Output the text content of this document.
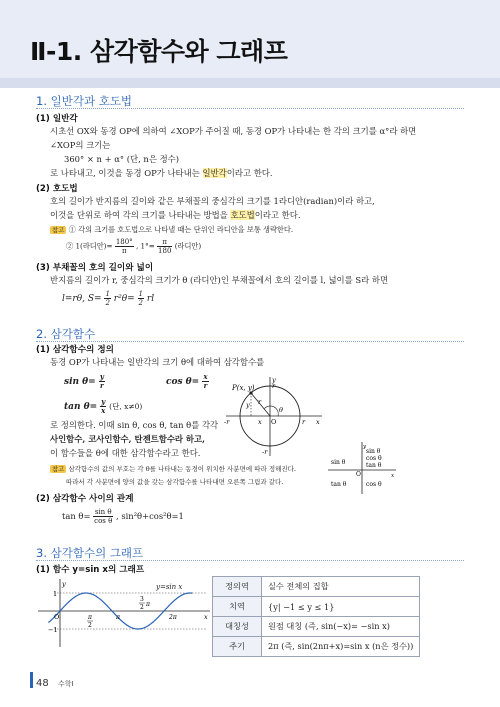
Ⅱ-1. 삼각함수와 그래프
1. 일반각과 호도법
(1) 일반각
시초선 OX와 동경 OP에 의하여 ∠XOP가 주어질 때, 동경 OP가 나타내는 한 각의 크기를 α°라 하면
∠XOP의 크기는
360° × n + α° (단, n은 정수)
로 나타내고, 이것을 동경 OP가 나타내는 일반각이라고 한다.
(2) 호도법
호의 길이가 반지름의 길이와 같은 부채꼴의 중심각의 크기를 1라디안(radian)이라 하고,
이것을 단위로 하여 각의 크기를 나타내는 방법을 호도법이라고 한다.
참고 ① 각의 크기를 호도법으로 나타낼 때는 단위인 라디안을 보통 생략한다.
② 1(라디안)= $\frac{180^\circ}{\pi}$ , $1^\circ= \frac{\pi}{180}$ (라디안)
(3) 부채꼴의 호의 길이와 넓이
반지름의 길이가 r, 중심각의 크기가 θ (라디안)인 부채꼴에서 호의 길이를 l, 넓이를 S라 하면
l=rθ, $S= \frac{1}{2} r^2\theta= \frac{1}{2}$ rl
2. 삼각함수
(1) 삼각함수의 정의
동경 OP가 나타내는 일반각의 크기 θ에 대하여 삼각함수를
$\sin \theta= \frac{y}{r}$	$\cos \theta= \frac{x}{r}$
$\tan \theta= \frac{y}{x}$ (단, x≠0)
로 정의한다. 이때 sin θ, cos θ, tan θ를 각각
사인함수, 코사인함수, 탄젠트함수라 하고,
이 함수들을 θ에 대한 삼각함수라고 한다.
참고 삼각함수의 값의 부호는 각 θ를 나타내는 동경이 위치한 사분면에 따라 정해진다.
따라서 각 사분면에 양의 값을 갖는 삼각함수를 나타내면 오른쪽 그림과 같다.
P(x, y)
y
r
r x
-r
-r
O
θ
r
y
x
y
sin θ
cos θ
tan θ
sin θ
O	x
tan θ	cos θ
(2) 삼각함수 사이의 관계
$\tan \theta= \frac{\text{sin θ}}{\text{cos θ}}$ , sin²θ+cos²θ=1
3. 삼각함수의 그래프
(1) 함수 y=sin x의 그래프
y
x
1
−1
O
y=sin x
π
2
π
3
2 π
2π
정의역	실수 전체의 집합
치역	{y| −1 ≤ y ≤ 1}
대칭성	원점 대칭 (즉, sin(−x)= −sin x)
주기	2π (즉, sin(2nπ+x)=sin x (n은 정수))
48 수학Ⅰ
